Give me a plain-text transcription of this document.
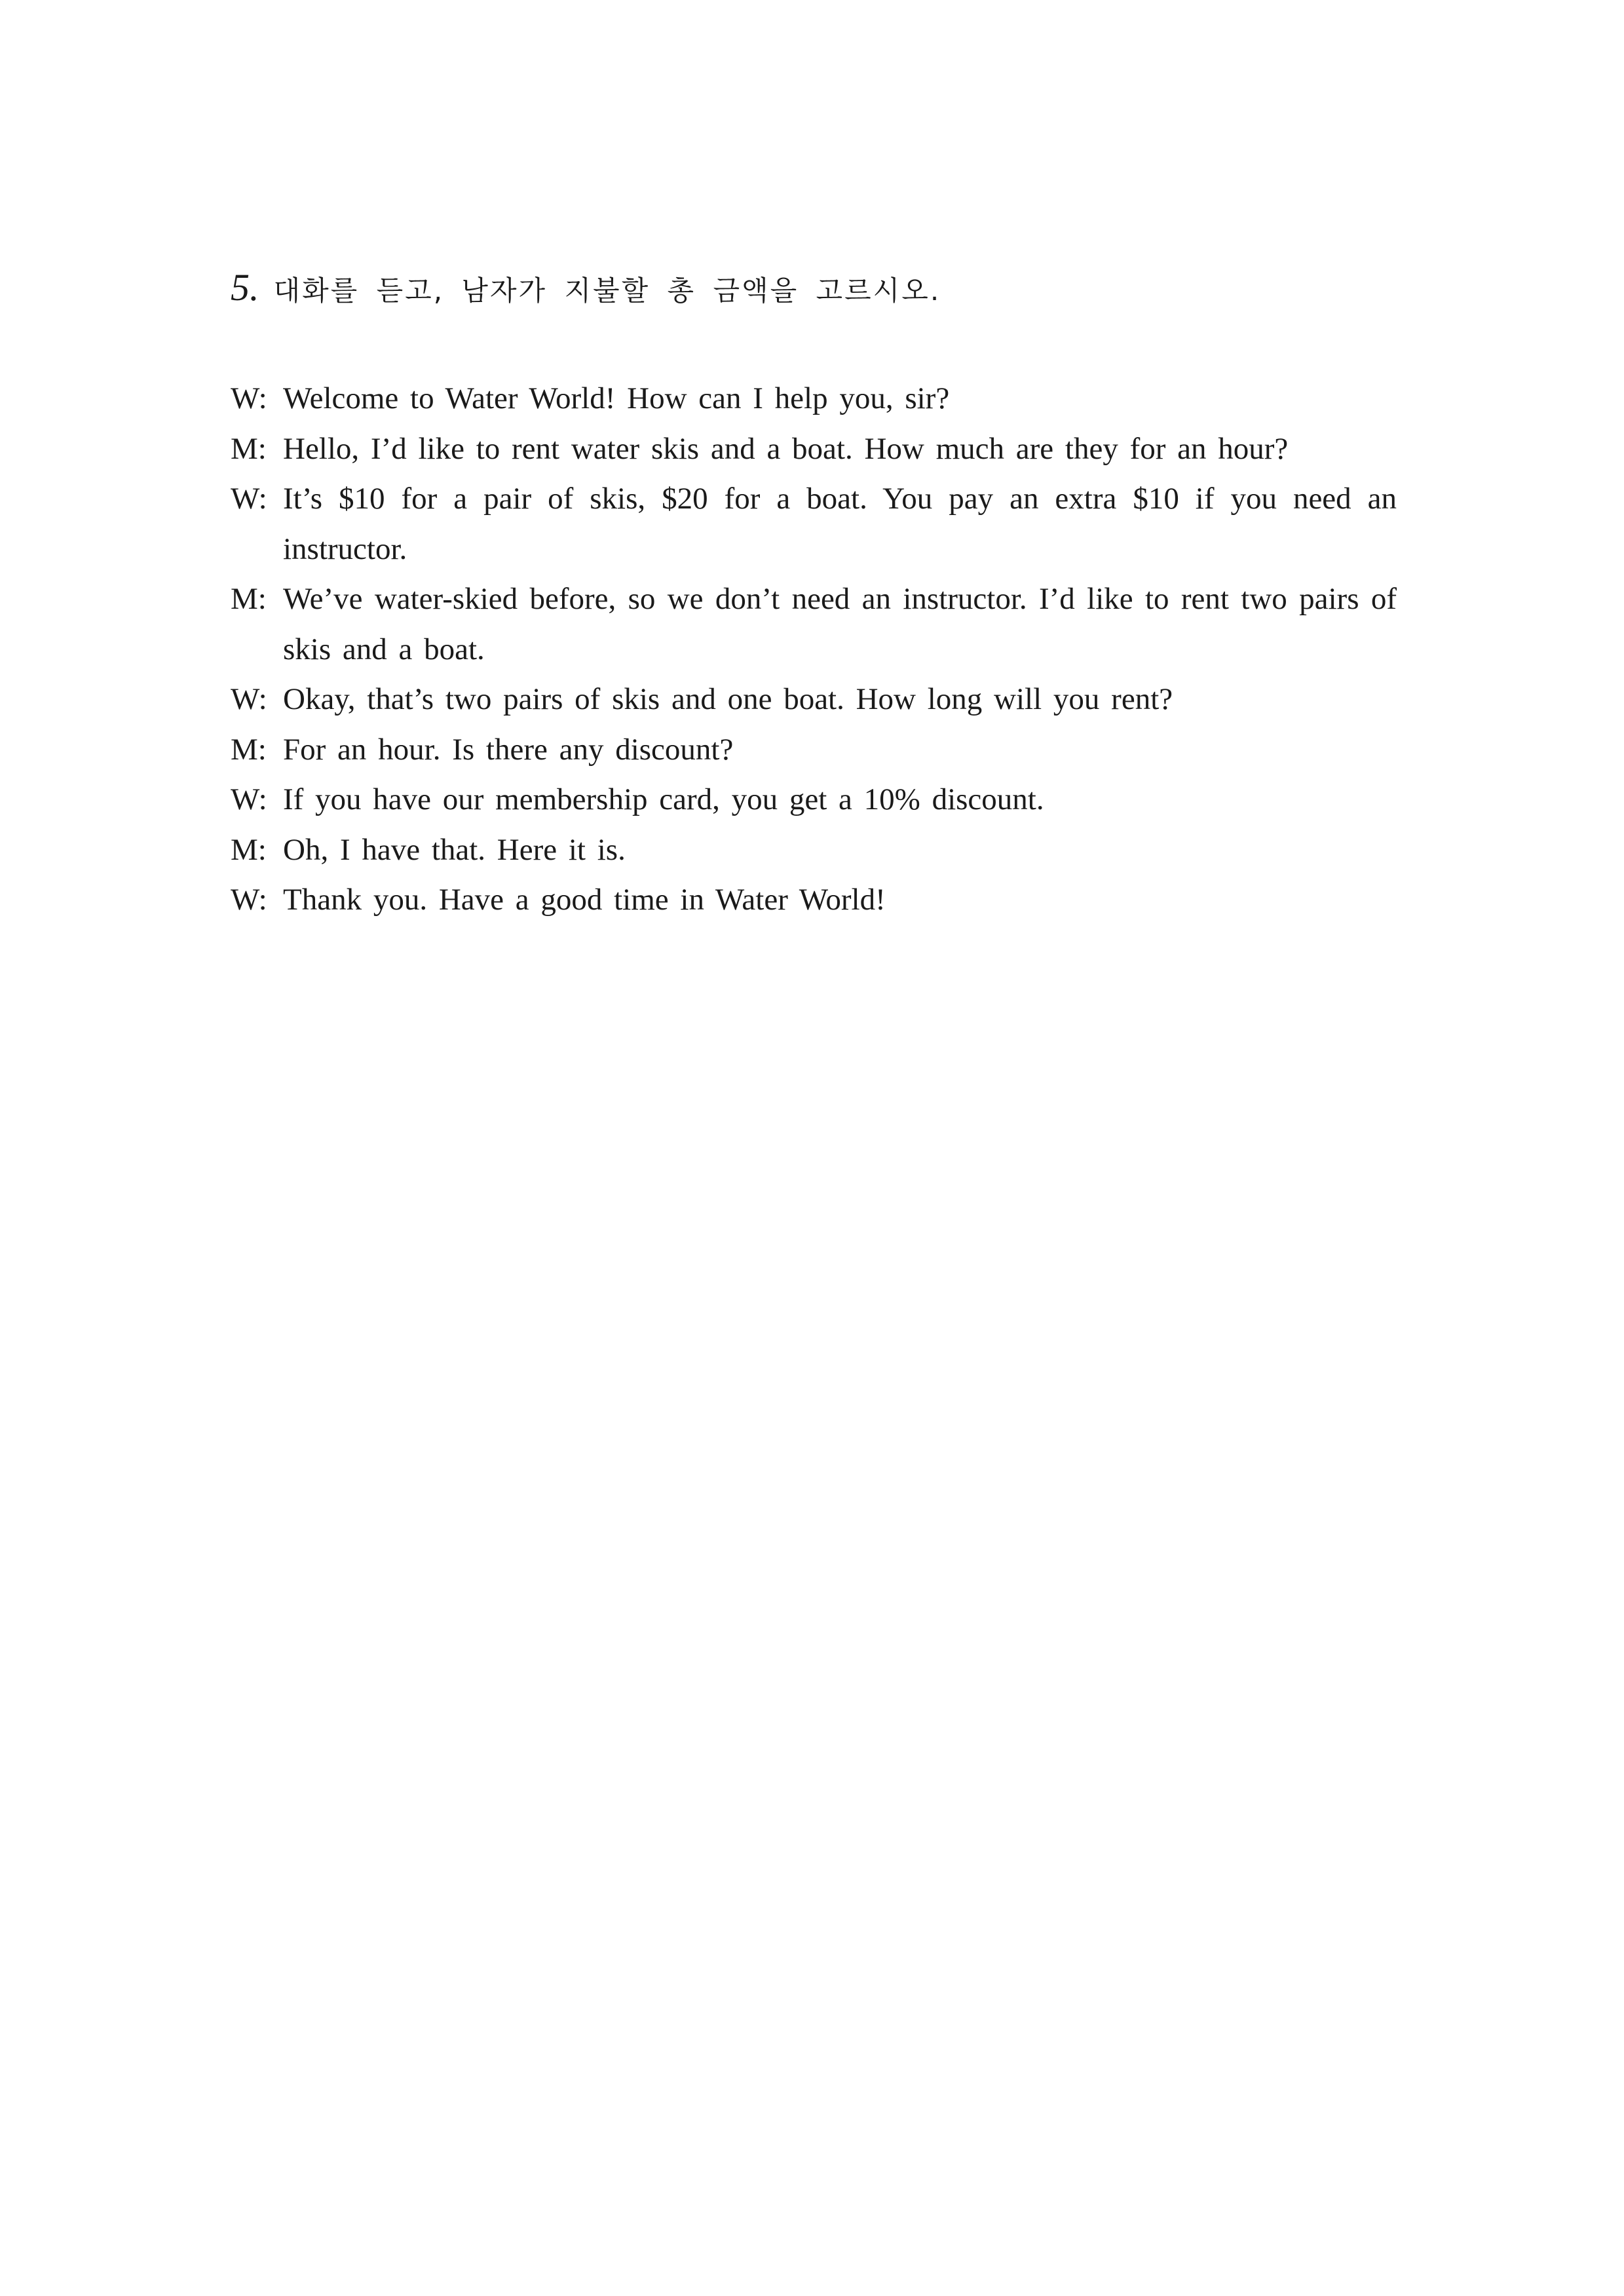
5. 대화를 듣고, 남자가 지불할 총 금액을 고르시오.
W: Welcome to Water World! How can I help you, sir?
M: Hello, I’d like to rent water skis and a boat. How much are they for an hour?
W: It’s $10 for a pair of skis, $20 for a boat. You pay an extra $10 if you need an instructor.
M: We’ve water-skied before, so we don’t need an instructor. I’d like to rent two pairs of skis and a boat.
W: Okay, that’s two pairs of skis and one boat. How long will you rent?
M: For an hour. Is there any discount?
W: If you have our membership card, you get a 10% discount.
M: Oh, I have that. Here it is.
W: Thank you. Have a good time in Water World!
